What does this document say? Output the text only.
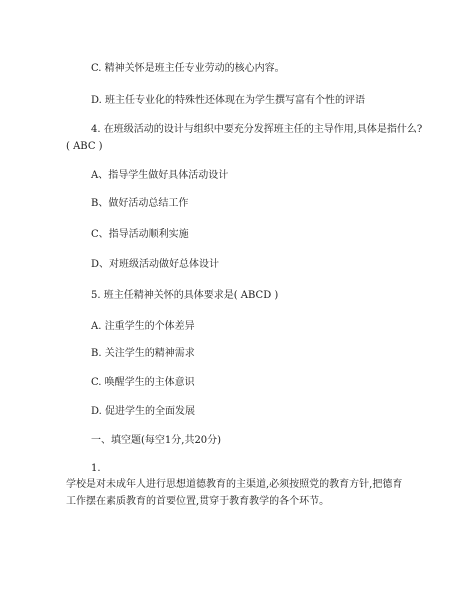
C. 精神关怀是班主任专业劳动的核心内容。
D. 班主任专业化的特殊性还体现在为学生撰写富有个性的评语
4. 在班级活动的设计与组织中要充分发挥班主任的主导作用,具体是指什么?
( ABC )
A、指导学生做好具体活动设计
B、做好活动总结工作
C、指导活动顺利实施
D、对班级活动做好总体设计
5. 班主任精神关怀的具体要求是( ABCD )
A. 注重学生的个体差异
B. 关注学生的精神需求
C. 唤醒学生的主体意识
D. 促进学生的全面发展
一、填空题(每空1分,共20分)
1.
学校是对未成年人进行思想道德教育的主渠道,必须按照党的教育方针,把德育工作摆在素质教育的首要位置,贯穿于教育教学的各个环节。
